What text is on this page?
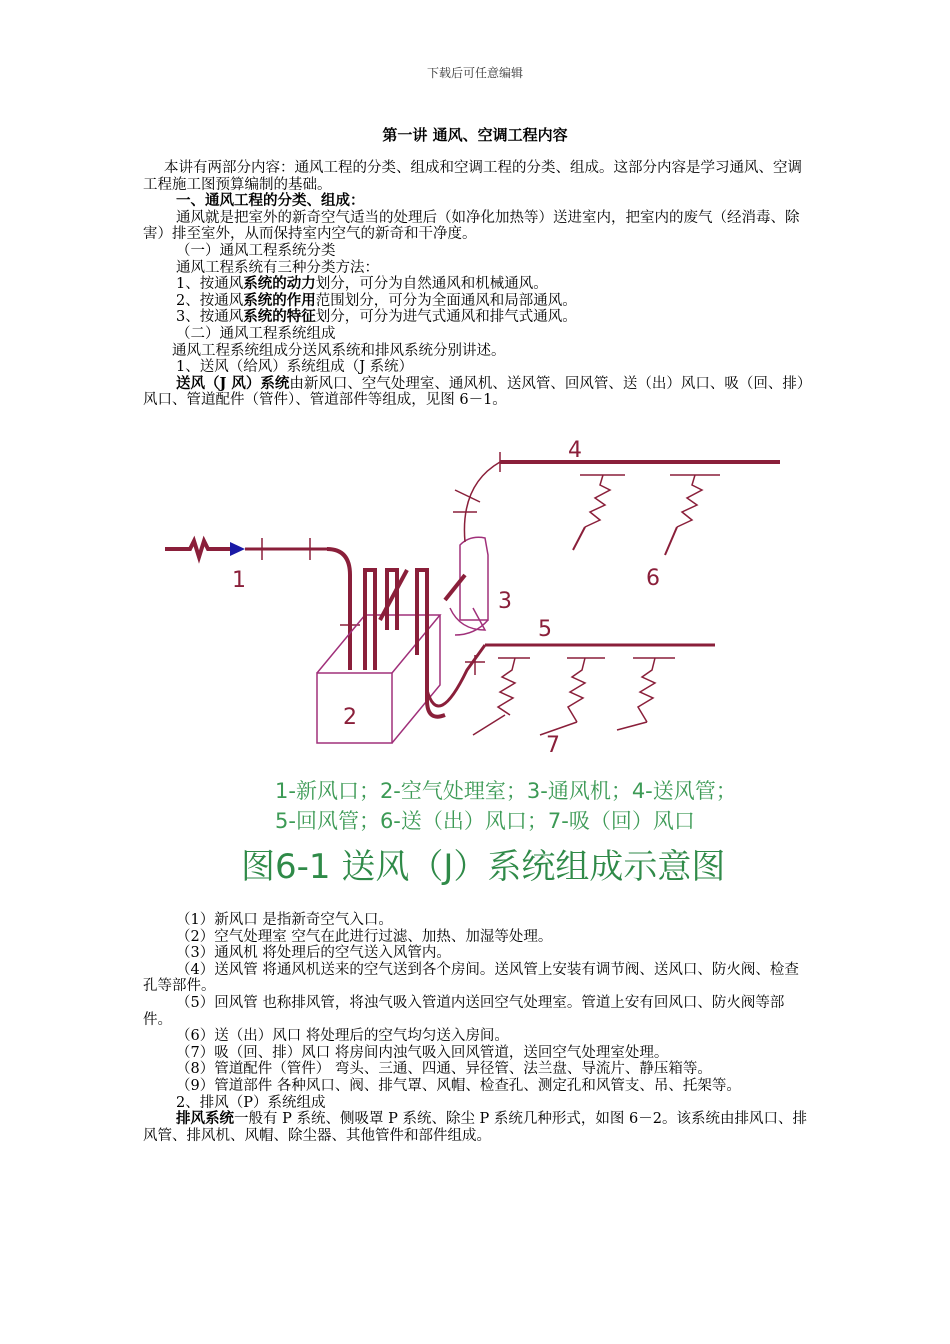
下载后可任意编辑
第一讲 通风、空调工程内容

本讲有两部分内容：通风工程的分类、组成和空调工程的分类、组成。这部分内容是学习通风、空调工程施工图预算编制的基础。

一、通风工程的分类、组成：

通风就是把室外的新奇空气适当的处理后（如净化加热等）送进室内，把室内的废气（经消毒、除害）排至室外，从而保持室内空气的新奇和干净度。

（一）通风工程系统分类

通风工程系统有三种分类方法：

1、按通风系统的动力划分，可分为自然通风和机械通风。

2、按通风系统的作用范围划分，可分为全面通风和局部通风。

3、按通风系统的特征划分，可分为进气式通风和排气式通风。

（二）通风工程系统组成

通风工程系统组成分送风系统和排风系统分别讲述。

1、送风（给风）系统组成（J 系统）

送风（J 风）系统由新风口、空气处理室、通风机、送风管、回风管、送（出）风口、吸（回、排）风口、管道配件（管件）、管道部件等组成，见图 6－1。

1
2
3
4
6
5
7
1-新风口；2-空气处理室；3-通风机；4-送风管；
5-回风管；6-送（出）风口；7-吸（回）风口
图6-1 送风（J）系统组成示意图

（1）新风口 是指新奇空气入口。

（2）空气处理室 空气在此进行过滤、加热、加湿等处理。

（3）通风机 将处理后的空气送入风管内。

（4）送风管 将通风机送来的空气送到各个房间。送风管上安装有调节阀、送风口、防火阀、检查孔等部件。

（5）回风管 也称排风管，将浊气吸入管道内送回空气处理室。管道上安有回风口、防火阀等部件。

（6）送（出）风口 将处理后的空气均匀送入房间。

（7）吸（回、排）风口 将房间内浊气吸入回风管道，送回空气处理室处理。

（8）管道配件（管件） 弯头、三通、四通、异径管、法兰盘、导流片、静压箱等。

（9）管道部件 各种风口、阀、排气罩、风帽、检查孔、测定孔和风管支、吊、托架等。

2、排风（P）系统组成

排风系统一般有 P 系统、侧吸罩 P 系统、除尘 P 系统几种形式，如图 6－2。该系统由排风口、排风管、排风机、风帽、除尘器、其他管件和部件组成。
